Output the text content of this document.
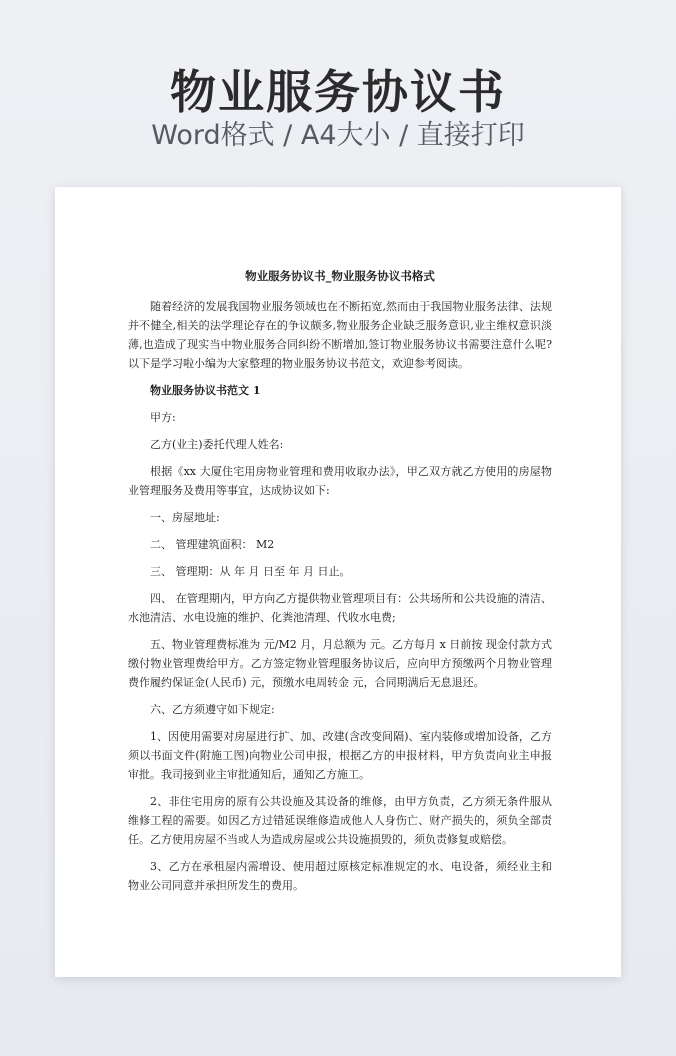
物业服务协议书
Word格式 / A4大小 / 直接打印
物业服务协议书_物业服务协议书格式

随着经济的发展我国物业服务领域也在不断拓宽,然而由于我国物业服务法律、法规并不健全,相关的法学理论存在的争议颇多,物业服务企业缺乏服务意识,业主维权意识淡薄,也造成了现实当中物业服务合同纠纷不断增加,签订物业服务协议书需要注意什么呢?以下是学习啦小编为大家整理的物业服务协议书范文，欢迎参考阅读。

物业服务协议书范文 1

甲方:

乙方(业主)委托代理人姓名:

根据《xx 大厦住宅用房物业管理和费用收取办法》，甲乙双方就乙方使用的房屋物业管理服务及费用等事宜，达成协议如下:

一、房屋地址:

二、 管理建筑面积： M2

三、 管理期：从 年 月 日至 年 月 日止。

四、 在管理期内，甲方向乙方提供物业管理项目有：公共场所和公共设施的清洁、水池清洁、水电设施的维护、化粪池清理、代收水电费;

五、物业管理费标准为 元/M2 月，月总额为 元。乙方每月 x 日前按 现金付款方式缴付物业管理费给甲方。乙方签定物业管理服务协议后，应向甲方预缴两个月物业管理费作履约保证金(人民币) 元，预缴水电周转金 元，合同期满后无息退还。

六、乙方须遵守如下规定:

1、因使用需要对房屋进行扩、加、改建(含改变间隔)、室内装修或增加设备，乙方须以书面文件(附施工图)向物业公司申报，根据乙方的申报材料，甲方负责向业主申报审批。我司接到业主审批通知后，通知乙方施工。

2、非住宅用房的原有公共设施及其设备的维修，由甲方负责，乙方须无条件服从维修工程的需要。如因乙方过错延误维修造成他人人身伤亡、财产损失的，须负全部责任。乙方使用房屋不当或人为造成房屋或公共设施损毁的，须负责修复或赔偿。

3、乙方在承租屋内需增设、使用超过原核定标准规定的水、电设备，须经业主和物业公司同意并承担所发生的费用。
